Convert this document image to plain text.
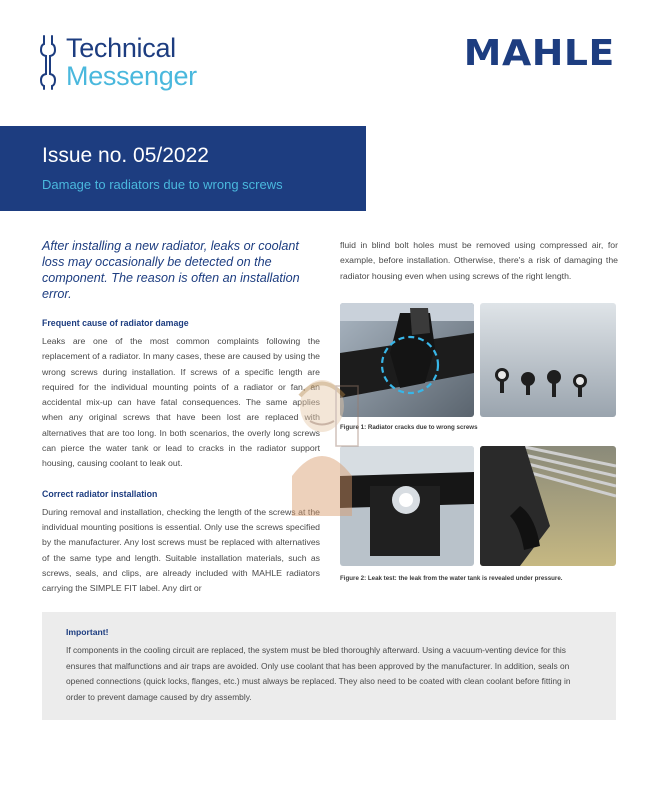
Technical
Messenger
MAHLE
Issue no. 05/2022
Damage to radiators due to wrong screws
After installing a new radiator, leaks or coolant loss may occasionally be detected on the component. The reason is often an installation error.
Frequent cause of radiator damage
Leaks are one of the most common complaints following the replacement of a radiator. In many cases, these are caused by using the wrong screws during installation. If screws of a specific length are required for the individual mounting points of a radiator or fan, an accidental mix-up can have fatal consequences. The same applies when any original screws that have been lost are replaced with alternatives that are too long. In both scenarios, the overly long screws can pierce the water tank or lead to cracks in the radiator support housing, causing coolant to leak out.
Correct radiator installation
During removal and installation, checking the length of the screws at the individual mounting positions is essential. Only use the screws specified by the manufacturer. Any lost screws must be replaced with alternatives of the same type and length. Suitable installation materials, such as screws, seals, and clips, are already included with MAHLE radiators carrying the SIMPLE FIT label. Any dirt or
fluid in blind bolt holes must be removed using compressed air, for example, before installation. Otherwise, there's a risk of damaging the radiator housing even when using screws of the right length.
Figure 1: Radiator cracks due to wrong screws
Figure 2: Leak test: the leak from the water tank is revealed under pressure.
Important!
If components in the cooling circuit are replaced, the system must be bled thoroughly afterward. Using a vacuum-venting device for this ensures that malfunctions and air traps are avoided. Only use coolant that has been approved by the manufacturer. In addition, seals on opened connections (quick locks, flanges, etc.) must always be replaced. They also need to be coated with clean coolant before fitting in order to prevent damage caused by dry assembly.
